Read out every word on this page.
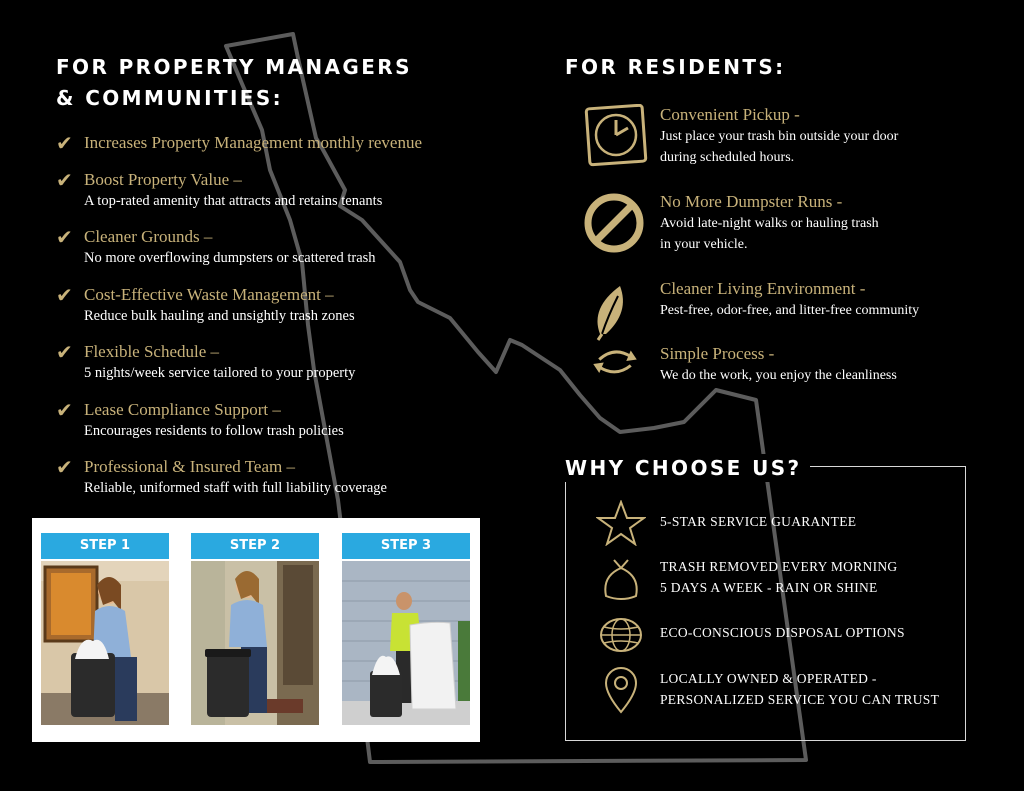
FOR PROPERTY MANAGERS
& COMMUNITIES:
✔ Increases Property Management monthly revenue
✔ Boost Property Value –
A top-rated amenity that attracts and retains tenants
✔ Cleaner Grounds –
No more overflowing dumpsters or scattered trash
✔ Cost-Effective Waste Management –
Reduce bulk hauling and unsightly trash zones
✔ Flexible Schedule –
5 nights/week service tailored to your property
✔ Lease Compliance Support –
Encourages residents to follow trash policies
✔ Professional & Insured Team –
Reliable, uniformed staff with full liability coverage
STEP 1	STEP 2	STEP 3
FOR RESIDENTS:
Convenient Pickup -
Just place your trash bin outside your door
during scheduled hours.
No More Dumpster Runs -
Avoid late-night walks or hauling trash
in your vehicle.
Cleaner Living Environment -
Pest-free, odor-free, and litter-free community
Simple Process -
We do the work, you enjoy the cleanliness
WHY CHOOSE US?
5-STAR SERVICE GUARANTEE
TRASH REMOVED EVERY MORNING
5 DAYS A WEEK - RAIN OR SHINE
ECO-CONSCIOUS DISPOSAL OPTIONS
LOCALLY OWNED & OPERATED -
PERSONALIZED SERVICE YOU CAN TRUST
